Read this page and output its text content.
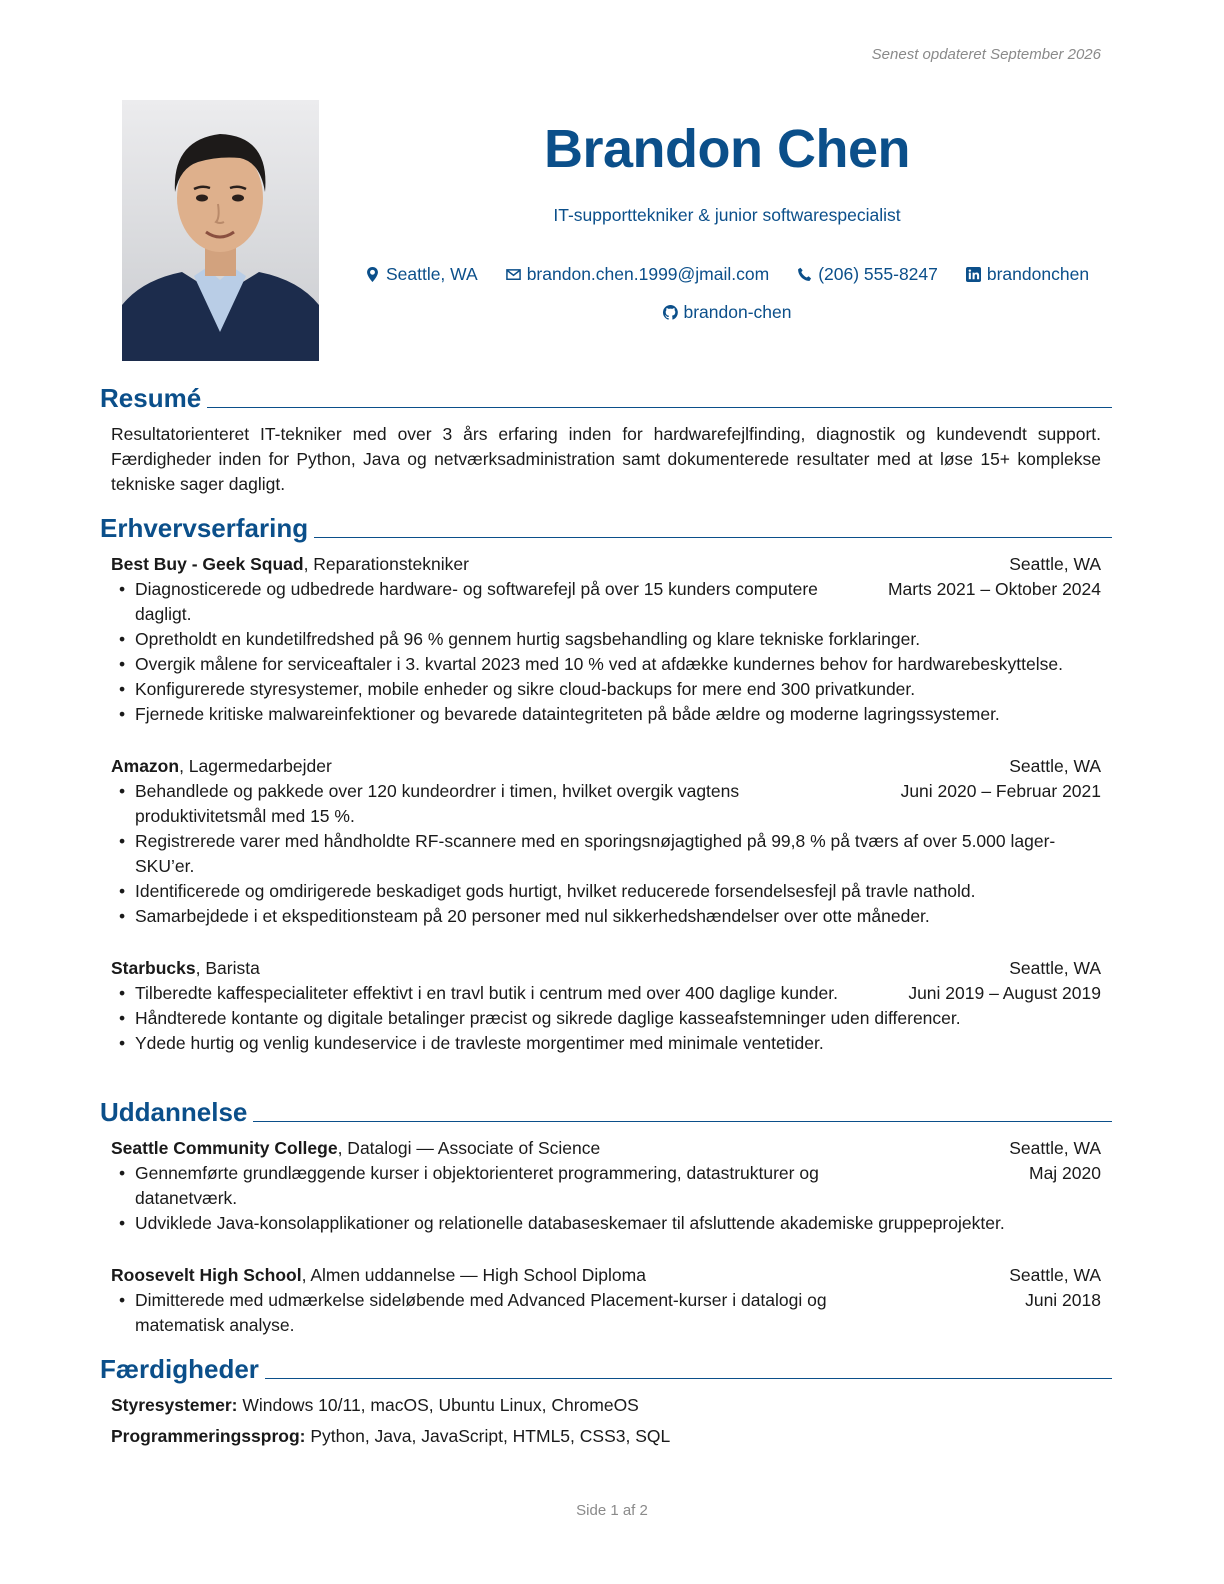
Senest opdateret September 2026
Brandon Chen
IT-supporttekniker & junior softwarespecialist
Seattle, WA	brandon.chen.1999@jmail.com	(206) 555-8247	brandonchen
brandon-chen
Resumé
Resultatorienteret IT-tekniker med over 3 års erfaring inden for hardwarefejlfinding, diagnostik og kundevendt support. Færdigheder inden for Python, Java og netværksadministration samt dokumenterede resultater med at løse 15+ komplekse tekniske sager dagligt.
Erhvervserfaring
Best Buy - Geek Squad, Reparationstekniker	Seattle, WA
• Diagnosticerede og udbedrede hardware- og softwarefejl på over 15 kunders computere dagligt.
Marts 2021 – Oktober 2024
• Opretholdt en kundetilfredshed på 96 % gennem hurtig sagsbehandling og klare tekniske forklaringer.
• Overgik målene for serviceaftaler i 3. kvartal 2023 med 10 % ved at afdække kundernes behov for hardwarebeskyttelse.
• Konfigurerede styresystemer, mobile enheder og sikre cloud-backups for mere end 300 privatkunder.
• Fjernede kritiske malwareinfektioner og bevarede dataintegriteten på både ældre og moderne lagringssystemer.
Amazon, Lagermedarbejder	Seattle, WA
• Behandlede og pakkede over 120 kundeordrer i timen, hvilket overgik vagtens produktivitetsmål med 15 %.
Juni 2020 – Februar 2021
• Registrerede varer med håndholdte RF-scannere med en sporingsnøjagtighed på 99,8 % på tværs af over 5.000 lager-SKU’er.
• Identificerede og omdirigerede beskadiget gods hurtigt, hvilket reducerede forsendelsesfejl på travle nathold.
• Samarbejdede i et ekspeditionsteam på 20 personer med nul sikkerhedshændelser over otte måneder.
Starbucks, Barista	Seattle, WA
• Tilberedte kaffespecialiteter effektivt i en travl butik i centrum med over 400 daglige kunder.	Juni 2019 – August 2019
• Håndterede kontante og digitale betalinger præcist og sikrede daglige kasseafstemninger uden differencer.
• Ydede hurtig og venlig kundeservice i de travleste morgentimer med minimale ventetider.
Uddannelse
Seattle Community College, Datalogi — Associate of Science	Seattle, WA
• Gennemførte grundlæggende kurser i objektorienteret programmering, datastrukturer og datanetværk.
Maj 2020
• Udviklede Java-konsolapplikationer og relationelle databaseskemaer til afsluttende akademiske gruppeprojekter.
Roosevelt High School, Almen uddannelse — High School Diploma	Seattle, WA
• Dimitterede med udmærkelse sideløbende med Advanced Placement-kurser i datalogi og matematisk analyse.
Juni 2018
Færdigheder
Styresystemer: Windows 10/11, macOS, Ubuntu Linux, ChromeOS
Programmeringssprog: Python, Java, JavaScript, HTML5, CSS3, SQL
Side 1 af 2
